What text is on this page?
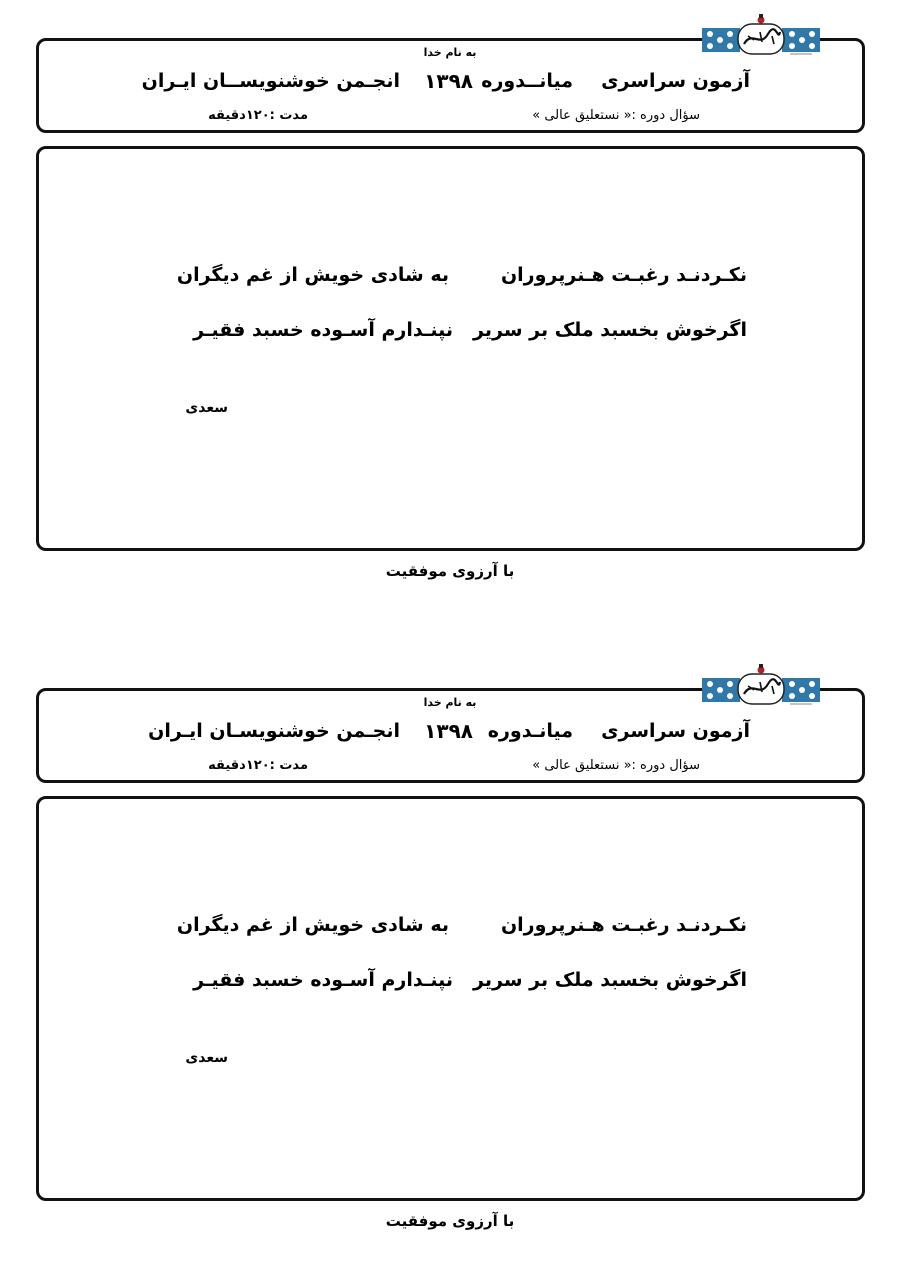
به نام خدا
آزمون سراسری
میانــدوره
۱۳۹۸
انجـمن خوشنویســان ایـران
سؤال دوره :« نستعلیق عالی »
مدت :۱۲۰دقیقه
نکـردنـد رغبـت هـنرپروران
به شادی خویش از غم دیگران
اگرخوش بخسبد ملک بر سریر
نپنـدارم آسـوده خسبد فقیـر
سعدی
با آرزوی موفقیت
به نام خدا
آزمون سراسری
میانـدوره
۱۳۹۸
انجـمن خوشنویسـان ایـران
سؤال دوره :« نستعلیق عالی »
مدت :۱۲۰دقیقه
نکـردنـد رغبـت هـنرپروران
به شادی خویش از غم دیگران
اگرخوش بخسبد ملک بر سریر
نپنـدارم آسـوده خسبد فقیـر
سعدی
با آرزوی موفقیت
